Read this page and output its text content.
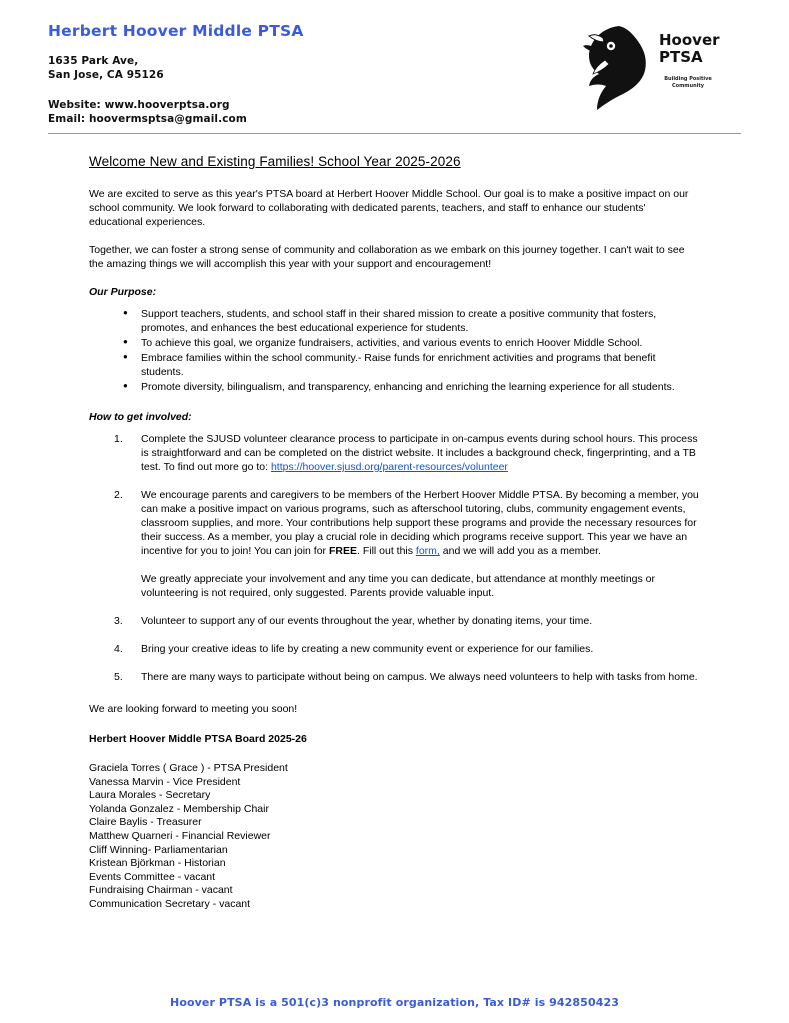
Herbert Hoover Middle PTSA
1635 Park Ave,
San Jose, CA 95126
Website: www.hooverptsa.org
Email: hoovermsptsa@gmail.com
Hoover
PTSA
Building Positive Community
Welcome New and Existing Families! School Year 2025-2026

We are excited to serve as this year's PTSA board at Herbert Hoover Middle School. Our goal is to make a positive impact on our school community. We look forward to collaborating with dedicated parents, teachers, and staff to enhance our students' educational experiences.

Together, we can foster a strong sense of community and collaboration as we embark on this journey together. I can't wait to see the amazing things we will accomplish this year with your support and encouragement!

Our Purpose:
● Support teachers, students, and school staff in their shared mission to create a positive community that fosters, promotes, and enhances the best educational experience for students.
● To achieve this goal, we organize fundraisers, activities, and various events to enrich Hoover Middle School.
● Embrace families within the school community.- Raise funds for enrichment activities and programs that benefit students.
● Promote diversity, bilingualism, and transparency, enhancing and enriching the learning experience for all students.
How to get involved:

Complete the SJUSD volunteer clearance process to participate in on-campus events during school hours. This process is straightforward and can be completed on the district website. It includes a background check, fingerprinting, and a TB test. To find out more go to: https://hoover.sjusd.org/parent-resources/volunteer

We encourage parents and caregivers to be members of the Herbert Hoover Middle PTSA. By becoming a member, you can make a positive impact on various programs, such as afterschool tutoring, clubs, community engagement events, classroom supplies, and more. Your contributions help support these programs and provide the necessary resources for their success. As a member, you play a crucial role in deciding which programs receive support. This year we have an incentive for you to join! You can join for FREE. Fill out this form, and we will add you as a member.

We greatly appreciate your involvement and any time you can dedicate, but attendance at monthly meetings or volunteering is not required, only suggested. Parents provide valuable input.

Volunteer to support any of our events throughout the year, whether by donating items, your time.

Bring your creative ideas to life by creating a new community event or experience for our families.

There are many ways to participate without being on campus. We always need volunteers to help with tasks from home.

We are looking forward to meeting you soon!

Herbert Hoover Middle PTSA Board 2025-26
Graciela Torres ( Grace ) - PTSA President
Vanessa Marvin - Vice President
Laura Morales - Secretary
Yolanda Gonzalez - Membership Chair
Claire Baylis - Treasurer
Matthew Quarneri - Financial Reviewer
Cliff Winning- Parliamentarian
Kristean Björkman - Historian
Events Committee - vacant
Fundraising Chairman - vacant
Communication Secretary - vacant
Hoover PTSA is a 501(c)3 nonprofit organization, Tax ID# is 942850423
